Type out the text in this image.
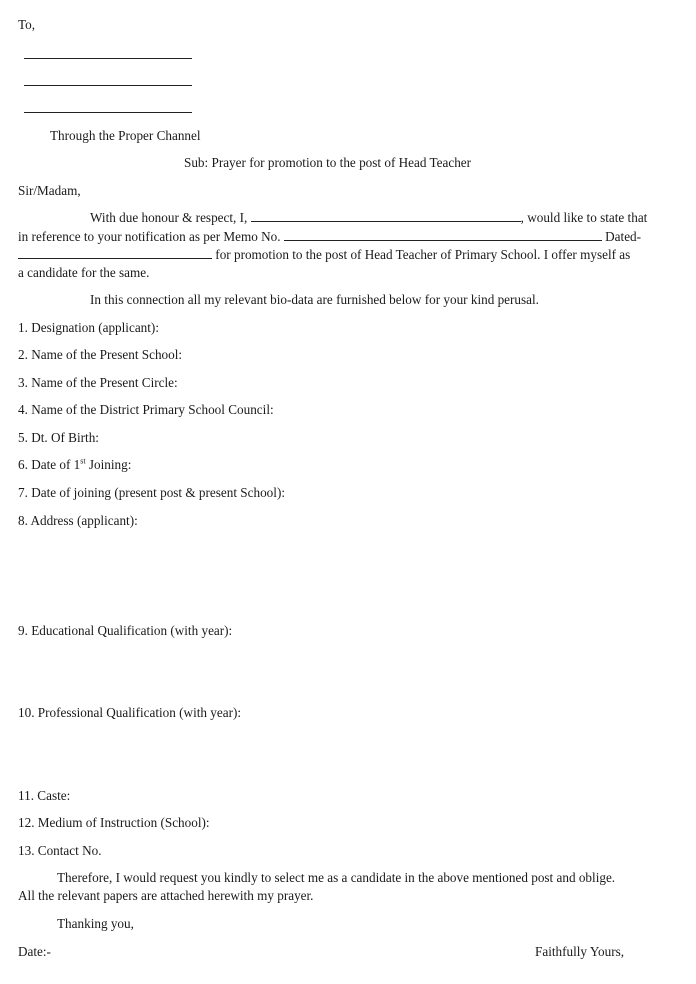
To,
Through the Proper Channel
Sub: Prayer for promotion to the post of Head Teacher
Sir/Madam,
With due honour & respect, I,	, would like to state that
in reference to your notification as per Memo No.	Dated-
for promotion to the post of Head Teacher of Primary School. I offer myself as
a candidate for the same.
In this connection all my relevant bio-data are furnished below for your kind perusal.
1. Designation (applicant):
2. Name of the Present School:
3. Name of the Present Circle:
4. Name of the District Primary School Council:
5. Dt. Of Birth:
6. Date of 1st Joining:
7. Date of joining (present post & present School):
8. Address (applicant):
9. Educational Qualification (with year):
10. Professional Qualification (with year):
11. Caste:
12. Medium of Instruction (School):
13. Contact No.
Therefore, I would request you kindly to select me as a candidate in the above mentioned post and oblige.
All the relevant papers are attached herewith my prayer.
Thanking you,
Date:-	Faithfully Yours,
